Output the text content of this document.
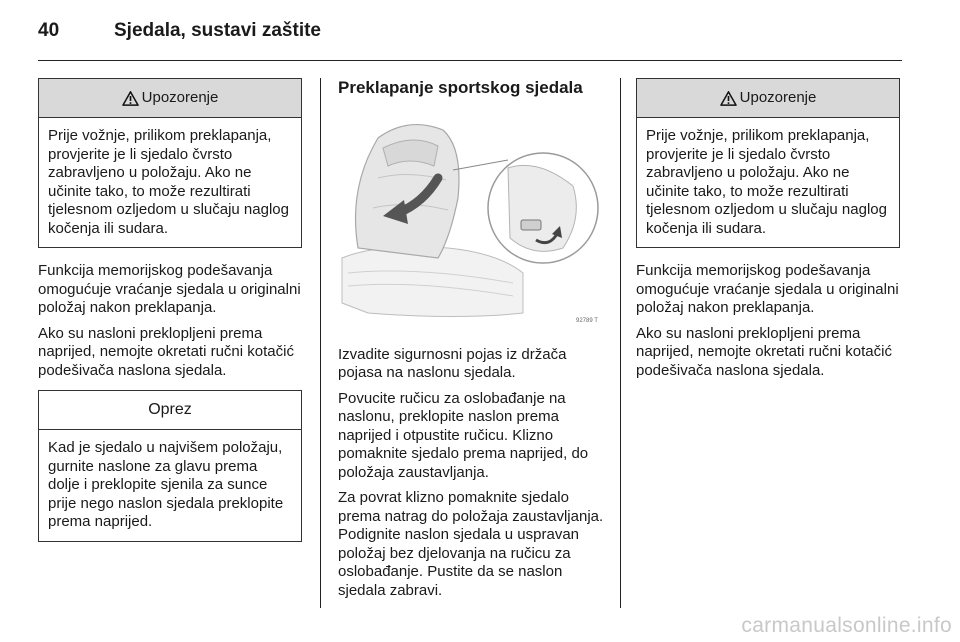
40	Sjedala, sustavi zaštite
Upozorenje
Prije vožnje, prilikom preklapanja, provjerite je li sjedalo čvrsto zabravljeno u položaju. Ako ne učinite tako, to može rezultirati tjelesnom ozljedom u slučaju naglog kočenja ili sudara.

Funkcija memorijskog podešavanja omogućuje vraćanje sjedala u originalni položaj nakon preklapanja.

Ako su nasloni preklopljeni prema naprijed, nemojte okretati ručni kotačić podešivača naslona sjedala.

Oprez
Kad je sjedalo u najvišem položaju, gurnite naslone za glavu prema dolje i preklopite sjenila za sunce prije nego naslon sjedala preklopite prema naprijed.
Preklapanje sportskog sjedala
92789 T

Izvadite sigurnosni pojas iz držača pojasa na naslonu sjedala.

Povucite ručicu za oslobađanje na naslonu, preklopite naslon prema naprijed i otpustite ručicu. Klizno pomaknite sjedalo prema naprijed, do položaja zaustavljanja.

Za povrat klizno pomaknite sjedalo prema natrag do položaja zaustavljanja. Podignite naslon sjedala u uspravan položaj bez djelovanja na ručicu za oslobađanje. Pustite da se naslon sjedala zabravi.

Upozorenje
Prije vožnje, prilikom preklapanja, provjerite je li sjedalo čvrsto zabravljeno u položaju. Ako ne učinite tako, to može rezultirati tjelesnom ozljedom u slučaju naglog kočenja ili sudara.

Funkcija memorijskog podešavanja omogućuje vraćanje sjedala u originalni položaj nakon preklapanja.

Ako su nasloni preklopljeni prema naprijed, nemojte okretati ručni kotačić podešivača naslona sjedala.

carmanualsonline.info
